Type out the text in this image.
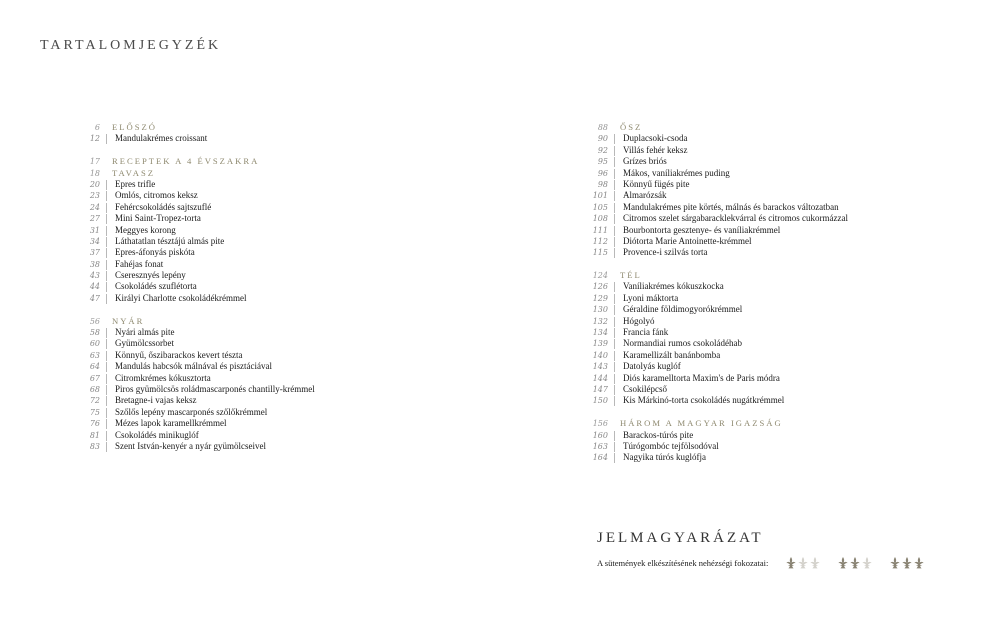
TARTALOMJEGYZÉK
6 ELŐSZÓ
12	Mandulakrémes croissant
17 RECEPTEK A 4 ÉVSZAKRA
18 TAVASZ
20	Epres trifle
23	Omlós, citromos keksz
24	Fehércsokoládés sajtszuflé
27	Mini Saint-Tropez-torta
31	Meggyes korong
34	Láthatatlan tésztájú almás pite
37	Epres-áfonyás piskóta
38	Fahéjas fonat
43	Cseresznyés lepény
44	Csokoládés szuflétorta
47	Királyi Charlotte csokoládékrémmel
56 NYÁR
58	Nyári almás pite
60	Gyümölcssorbet
63	Könnyű, őszibarackos kevert tészta
64	Mandulás habcsók málnával és pisztáciával
67	Citromkrémes kókusztorta
68	Piros gyümölcsös roládmascarponés chantilly-krémmel
72	Bretagne-i vajas keksz
75	Szőlős lepény mascarponés szőlőkrémmel
76	Mézes lapok karamellkrémmel
81	Csokoládés minikuglóf
83	Szent István-kenyér a nyár gyümölcseivel
88 ŐSZ
90	Duplacsoki-csoda
92	Villás fehér keksz
95	Grízes briós
96	Mákos, vaníliakrémes puding
98	Könnyű fügés pite
101	Almarózsák
105	Mandulakrémes pite körtés, málnás és barackos változatban
108	Citromos szelet sárgabaracklekvárral és citromos cukormázzal
111	Bourbontorta gesztenye- és vaníliakrémmel
112	Diótorta Marie Antoinette-krémmel
115	Provence-i szilvás torta
124 TÉL
126	Vaníliakrémes kókuszkocka
129	Lyoni máktorta
130	Géraldine földimogyorókrémmel
132	Hógolyó
134	Francia fánk
139	Normandiai rumos csokoládéhab
140	Karamellizált banánbomba
143	Datolyás kuglóf
144	Diós karamelltorta Maxim's de Paris módra
147	Csokilépcső
150	Kis Márkinó-torta csokoládés nugátkrémmel
156 HÁROM A MAGYAR IGAZSÁG
160	Barackos-túrós pite
163	Túrógombóc tejfölsodóval
164	Nagyika túrós kuglófja
JELMAGYARÁZAT
A sütemények elkészítésének nehézségi fokozatai:
